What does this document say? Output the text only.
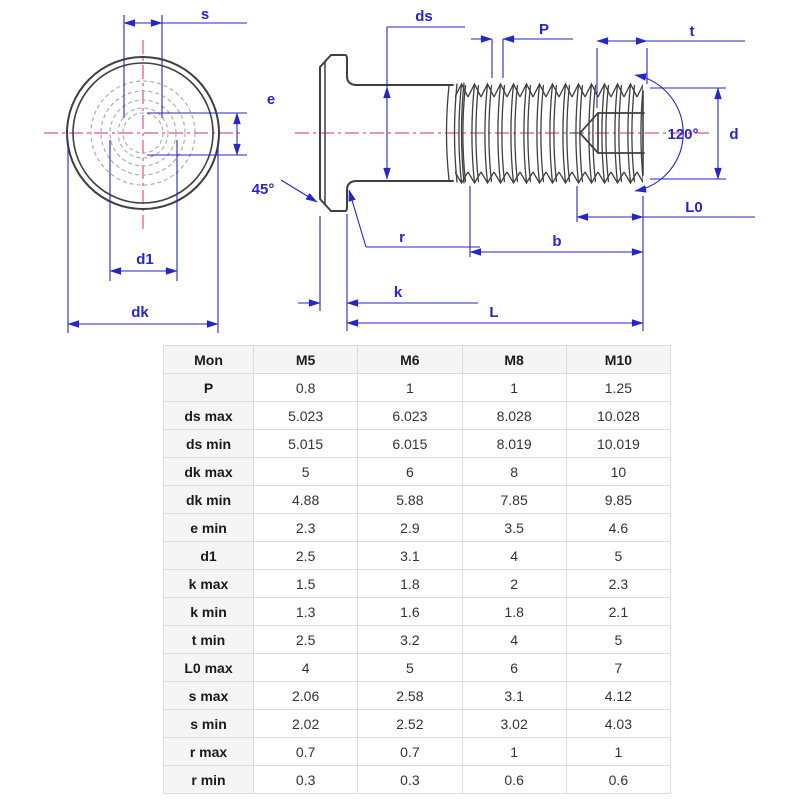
s
e
d1
dk
ds
P	t
120° d
45°
r
L0
b
k
L
Mon	M5	M6	M8	M10
P	0.8	1	1	1.25
ds max	5.023	6.023	8.028	10.028
ds min	5.015	6.015	8.019	10.019
dk max	5	6	8	10
dk min	4.88	5.88	7.85	9.85
e min	2.3	2.9	3.5	4.6
d1	2.5	3.1	4	5
k max	1.5	1.8	2	2.3
k min	1.3	1.6	1.8	2.1
t min	2.5	3.2	4	5
L0 max	4	5	6	7
s max	2.06	2.58	3.1	4.12
s min	2.02	2.52	3.02	4.03
r max	0.7	0.7	1	1
r min	0.3	0.3	0.6	0.6
